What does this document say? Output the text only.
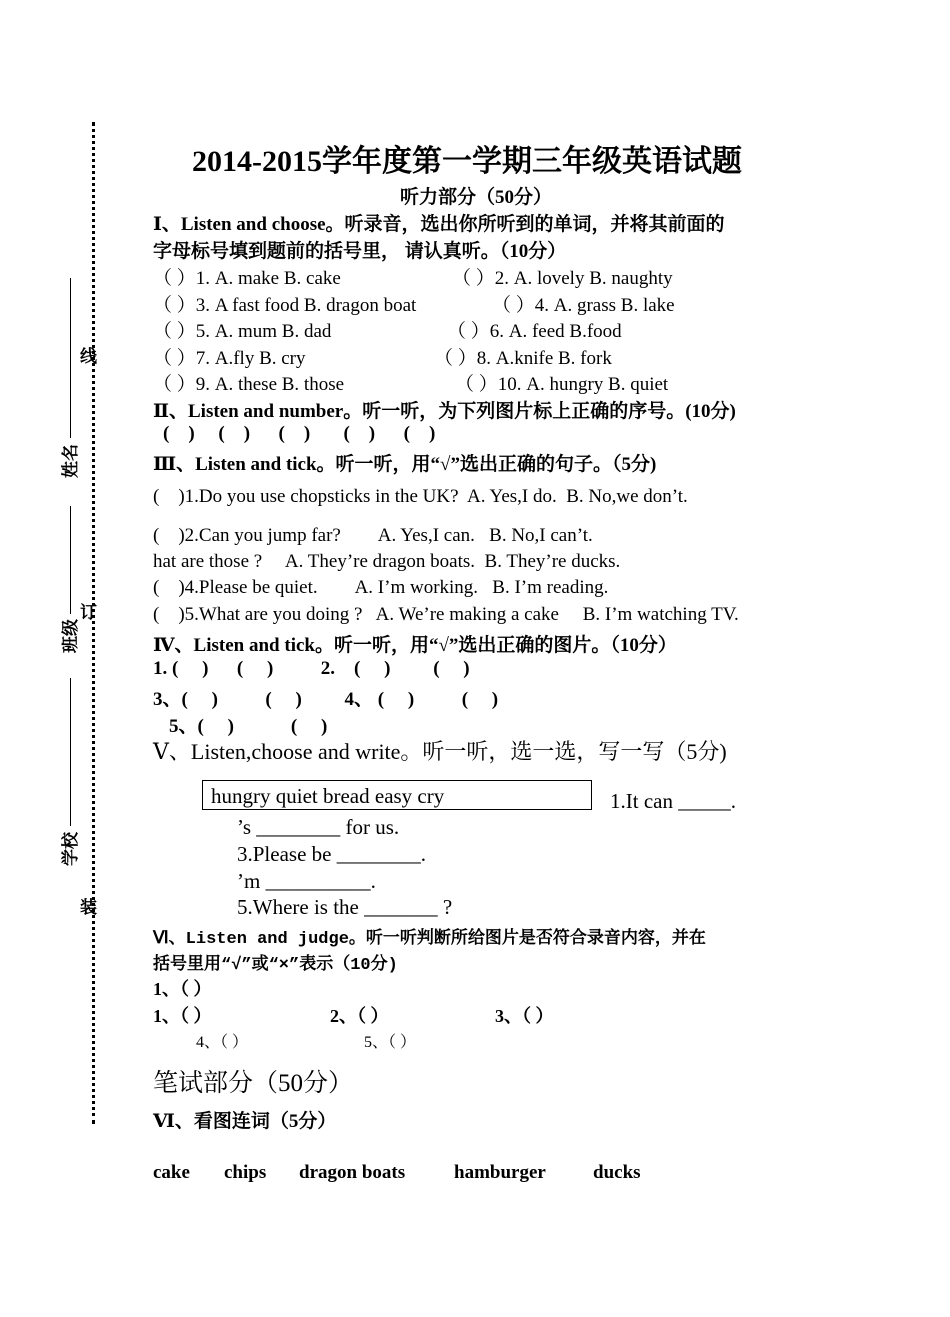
线
订
装
姓名
班级
学校
2014-2015学年度第一学期三年级英语试题
听力部分（50分）
Ⅰ、Listen and choose。听录音，选出你所听到的单词，并将其前面的
字母标号填到题前的括号里， 请认真听。（10分）
（ ）1. A. make B. cake	（ ）2. A. lovely B. naughty
（ ）3. A fast food B. dragon boat	（ ）4. A. grass B. lake
（ ）5. A. mum B. dad	（ ）6. A. feed B.food
（ ）7. A.fly B. cry	（ ）8. A.knife B. fork
（ ）9. A. these B. those	（ ）10. A. hungry B. quiet
Ⅱ、Listen and number。听一听，为下列图片标上正确的序号。(10分)
(    )     (    )      (    )       (    )      (    )
Ⅲ、Listen and tick。听一听，用“√”选出正确的句子。（5分)
(    )1.Do you use chopsticks in the UK?  A. Yes,I do.  B. No,we don’t.
(    )2.Can you jump far?        A. Yes,I can.   B. No,I can’t.
hat are those ?     A. They’re dragon boats.  B. They’re ducks.
(    )4.Please be quiet.        A. I’m working.   B. I’m reading.
(    )5.What are you doing ?   A. We’re making a cake     B. I’m watching TV.
Ⅳ、Listen and tick。听一听，用“√”选出正确的图片。（10分）
1. (     )      (     )          2.    (     )         (     )
3、(     )          (     )         4、 (     )          (     )
5、(     )            (     )
Ⅴ、Listen,choose and write。听一听，选一选，写一写（5分)
hungry quiet bread easy cry	1.It can _____.
’s ________ for us.
3.Please be ________.
’m __________.
5.Where is the _______ ?
Ⅵ、Listen and judge。听一听判断所给图片是否符合录音内容，并在
括号里用“√”或“×”表示（10分)
1、（ ）
1、（ ）	2、（ ）	3、（ ）
4、（ ）	5、（ ）
笔试部分（50分）
Ⅵ、看图连词（5分）
cake chips dragon boats	hamburger ducks
